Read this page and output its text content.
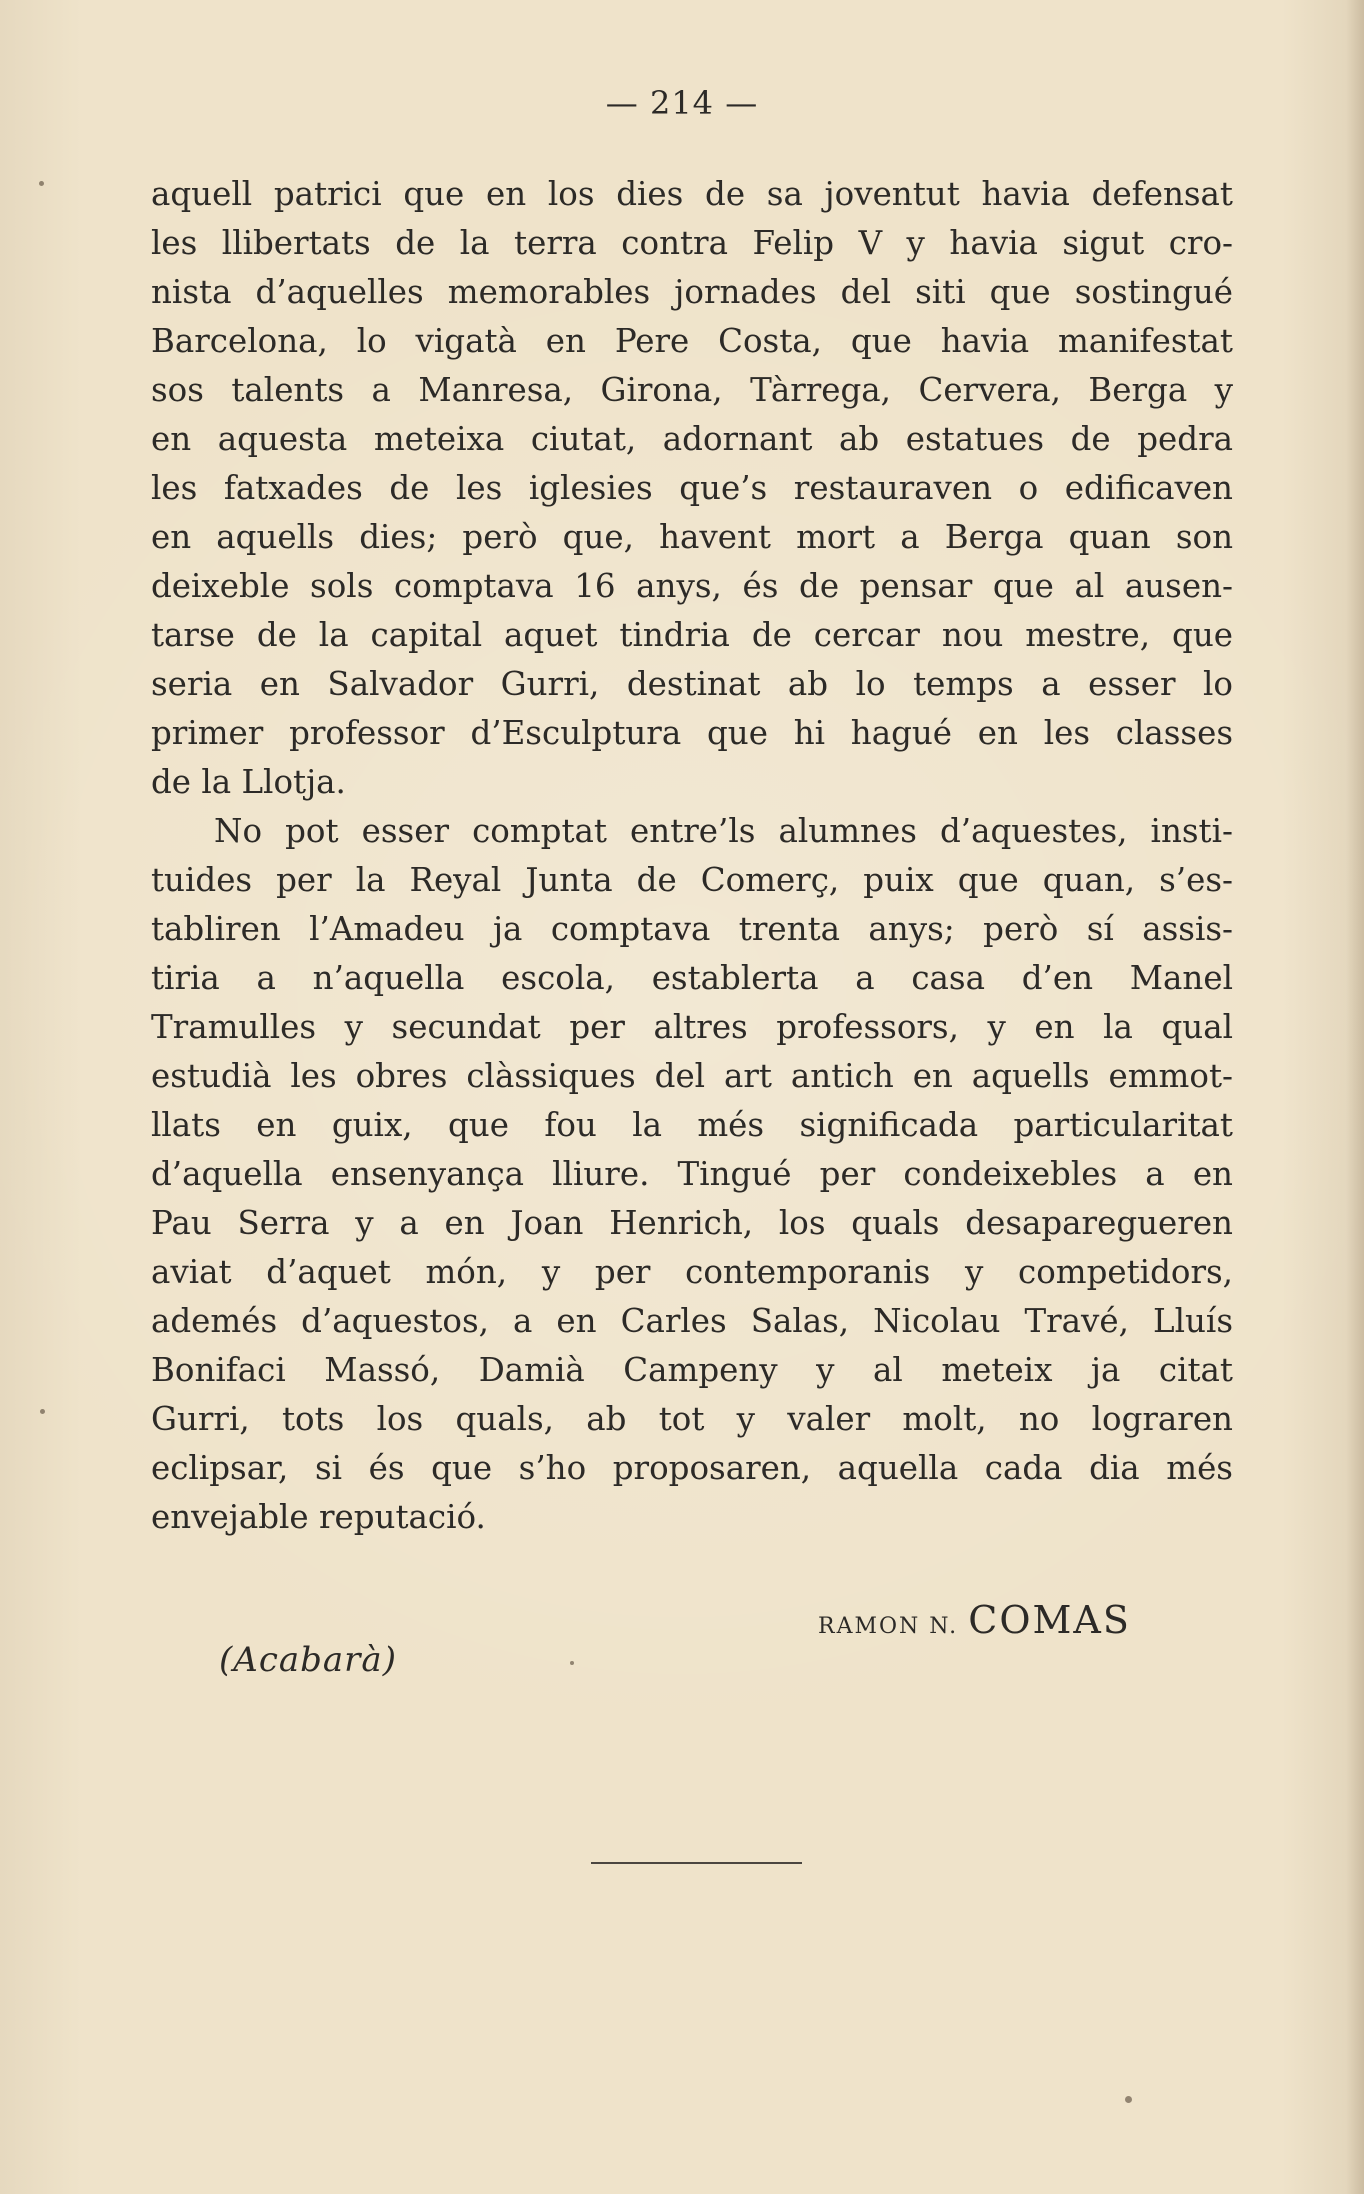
— 214 —
aquell patrici que en los dies de sa joventut havia defensat
les llibertats de la terra contra Felip V y havia sigut cro-
nista d’aquelles memorables jornades del siti que sostingué
Barcelona, lo vigatà en Pere Costa, que havia manifestat
sos talents a Manresa, Girona, Tàrrega, Cervera, Berga y
en aquesta meteixa ciutat, adornant ab estatues de pedra
les fatxades de les iglesies que’s restauraven o edificaven
en aquells dies; però que, havent mort a Berga quan son
deixeble sols comptava 16 anys, és de pensar que al ausen-
tarse de la capital aquet tindria de cercar nou mestre, que
seria en Salvador Gurri, destinat ab lo temps a esser lo
primer professor d’Esculptura que hi hagué en les classes
de la Llotja.
No pot esser comptat entre’ls alumnes d’aquestes, insti-
tuides per la Reyal Junta de Comerç, puix que quan, s’es-
tabliren l’Amadeu ja comptava trenta anys; però sí assis-
tiria a n’aquella escola, establerta a casa d’en Manel
Tramulles y secundat per altres professors, y en la qual
estudià les obres clàssiques del art antich en aquells emmot-
llats en guix, que fou la més significada particularitat
d’aquella ensenyança lliure. Tingué per condeixebles a en
Pau Serra y a en Joan Henrich, los quals desaparegueren
aviat d’aquet món, y per contemporanis y competidors,
ademés d’aquestos, a en Carles Salas, Nicolau Travé, Lluís
Bonifaci Massó, Damià Campeny y al meteix ja citat
Gurri, tots los quals, ab tot y valer molt, no lograren
eclipsar, si és que s’ho proposaren, aquella cada dia més
envejable reputació.
RAMON N. COMAS
(Acabarà)
